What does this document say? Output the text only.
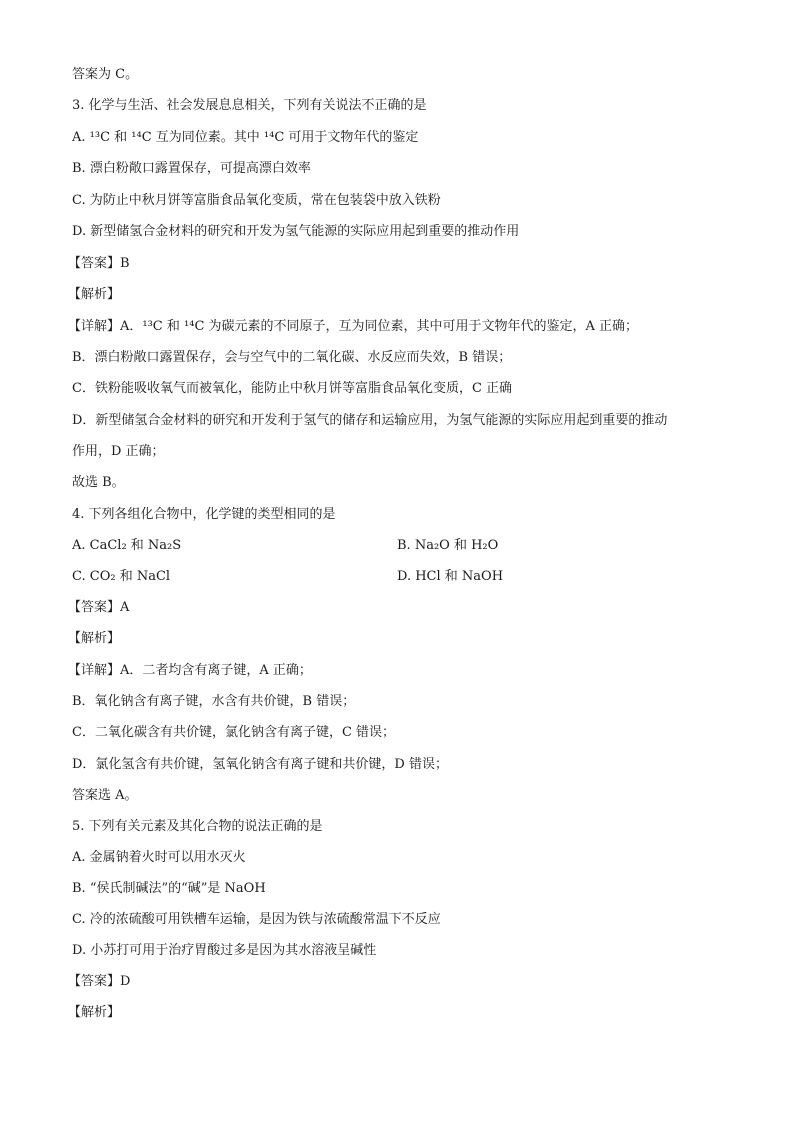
答案为 C。
3. 化学与生活、社会发展息息相关，下列有关说法不正确的是
A. ¹³C 和 ¹⁴C 互为同位素。其中 ¹⁴C 可用于文物年代的鉴定
B. 漂白粉敞口露置保存，可提高漂白效率
C. 为防止中秋月饼等富脂食品氧化变质，常在包装袋中放入铁粉
D. 新型储氢合金材料的研究和开发为氢气能源的实际应用起到重要的推动作用
【答案】B
【解析】
【详解】A．¹³C 和 ¹⁴C 为碳元素的不同原子，互为同位素，其中可用于文物年代的鉴定，A 正确；
B．漂白粉敞口露置保存，会与空气中的二氧化碳、水反应而失效，B 错误；
C．铁粉能吸收氧气而被氧化，能防止中秋月饼等富脂食品氧化变质，C 正确
D．新型储氢合金材料的研究和开发利于氢气的储存和运输应用，为氢气能源的实际应用起到重要的推动
作用，D 正确；
故选 B。
4. 下列各组化合物中，化学键的类型相同的是
A. CaCl₂ 和 Na₂S	B. Na₂O 和 H₂O
C. CO₂ 和 NaCl	D. HCl 和 NaOH
【答案】A
【解析】
【详解】A．二者均含有离子键，A 正确；
B．氧化钠含有离子键，水含有共价键，B 错误；
C．二氧化碳含有共价键，氯化钠含有离子键，C 错误；
D．氯化氢含有共价键，氢氧化钠含有离子键和共价键，D 错误；
答案选 A。
5. 下列有关元素及其化合物的说法正确的是
A. 金属钠着火时可以用水灭火
B. “侯氏制碱法”的“碱”是 NaOH
C. 冷的浓硫酸可用铁槽车运输，是因为铁与浓硫酸常温下不反应
D. 小苏打可用于治疗胃酸过多是因为其水溶液呈碱性
【答案】D
【解析】
